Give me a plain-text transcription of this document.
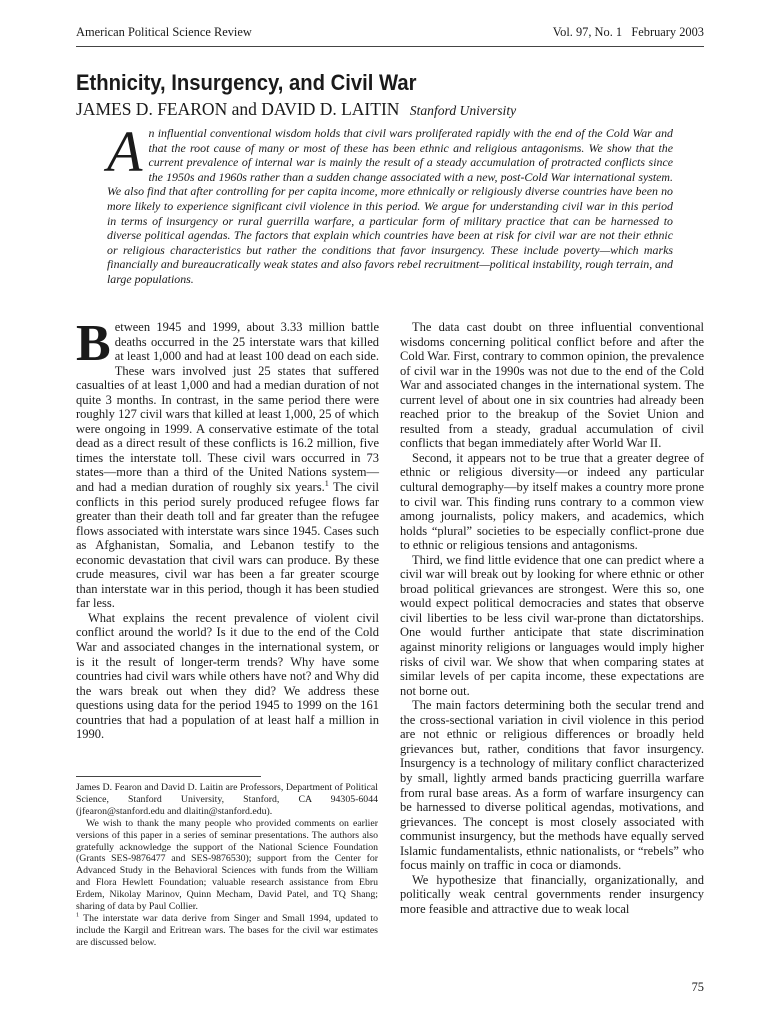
American Political Science Review	Vol. 97, No. 1   February 2003
Ethnicity, Insurgency, and Civil War
JAMES D. FEARON and DAVID D. LAITIN Stanford University

A n influential conventional wisdom holds that civil wars proliferated rapidly with the end of the Cold War and that the root cause of many or most of these has been ethnic and religious antagonisms. We show that the current prevalence of internal war is mainly the result of a steady accumulation of protracted conflicts since the 1950s and 1960s rather than a sudden change associated with a new, post-Cold War international system. We also find that after controlling for per capita income, more ethnically or religiously diverse countries have been no more likely to experience significant civil violence in this period. We argue for understanding civil war in this period in terms of insurgency or rural guerrilla warfare, a particular form of military practice that can be harnessed to diverse political agendas. The factors that explain which countries have been at risk for civil war are not their ethnic or religious characteristics but rather the conditions that favor insurgency. These include poverty—which marks financially and bureaucratically weak states and also favors rebel recruitment—political instability, rough terrain, and large populations.

Between 1945 and 1999, about 3.33 million battle deaths occurred in the 25 interstate wars that killed at least 1,000 and had at least 100 dead on each side. These wars involved just 25 states that suffered casualties of at least 1,000 and had a median duration of not quite 3 months. In contrast, in the same period there were roughly 127 civil wars that killed at least 1,000, 25 of which were ongoing in 1999. A conservative estimate of the total dead as a direct result of these conflicts is 16.2 million, five times the interstate toll. These civil wars occurred in 73 states—more than a third of the United Nations system—and had a median duration of roughly six years.$^1$ The civil conflicts in this period surely produced refugee flows far greater than their death toll and far greater than the refugee flows associated with interstate wars since 1945. Cases such as Afghanistan, Somalia, and Lebanon testify to the economic devastation that civil wars can produce. By these crude measures, civil war has been a far greater scourge than interstate war in this period, though it has been studied far less.

What explains the recent prevalence of violent civil conflict around the world? Is it due to the end of the Cold War and associated changes in the international system, or is it the result of longer-term trends? Why have some countries had civil wars while others have not? and Why did the wars break out when they did? We address these questions using data for the period 1945 to 1999 on the 161 countries that had a population of at least half a million in 1990.

James D. Fearon and David D. Laitin are Professors, Department of Political Science, Stanford University, Stanford, CA 94305-6044 (jfearon@stanford.edu and dlaitin@stanford.edu).

We wish to thank the many people who provided comments on earlier versions of this paper in a series of seminar presentations. The authors also gratefully acknowledge the support of the National Science Foundation (Grants SES-9876477 and SES-9876530); support from the Center for Advanced Study in the Behavioral Sciences with funds from the William and Flora Hewlett Foundation; valuable research assistance from Ebru Erdem, Nikolay Marinov, Quinn Mecham, David Patel, and TQ Shang; sharing of data by Paul Collier.

$^1$ The interstate war data derive from Singer and Small 1994, updated to include the Kargil and Eritrean wars. The bases for the civil war estimates are discussed below.

The data cast doubt on three influential conventional wisdoms concerning political conflict before and after the Cold War. First, contrary to common opinion, the prevalence of civil war in the 1990s was not due to the end of the Cold War and associated changes in the international system. The current level of about one in six countries had already been reached prior to the breakup of the Soviet Union and resulted from a steady, gradual accumulation of civil conflicts that began immediately after World War II.

Second, it appears not to be true that a greater degree of ethnic or religious diversity—or indeed any particular cultural demography—by itself makes a country more prone to civil war. This finding runs contrary to a common view among journalists, policy makers, and academics, which holds “plural” societies to be especially conflict-prone due to ethnic or religious tensions and antagonisms.

Third, we find little evidence that one can predict where a civil war will break out by looking for where ethnic or other broad political grievances are strongest. Were this so, one would expect political democracies and states that observe civil liberties to be less civil war-prone than dictatorships. One would further anticipate that state discrimination against minority religions or languages would imply higher risks of civil war. We show that when comparing states at similar levels of per capita income, these expectations are not borne out.

The main factors determining both the secular trend and the cross-sectional variation in civil violence in this period are not ethnic or religious differences or broadly held grievances but, rather, conditions that favor insurgency. Insurgency is a technology of military conflict characterized by small, lightly armed bands practicing guerrilla warfare from rural base areas. As a form of warfare insurgency can be harnessed to diverse political agendas, motivations, and grievances. The concept is most closely associated with communist insurgency, but the methods have equally served Islamic fundamentalists, ethnic nationalists, or “rebels” who focus mainly on traffic in coca or diamonds.

We hypothesize that financially, organizationally, and politically weak central governments render insurgency more feasible and attractive due to weak local

75
